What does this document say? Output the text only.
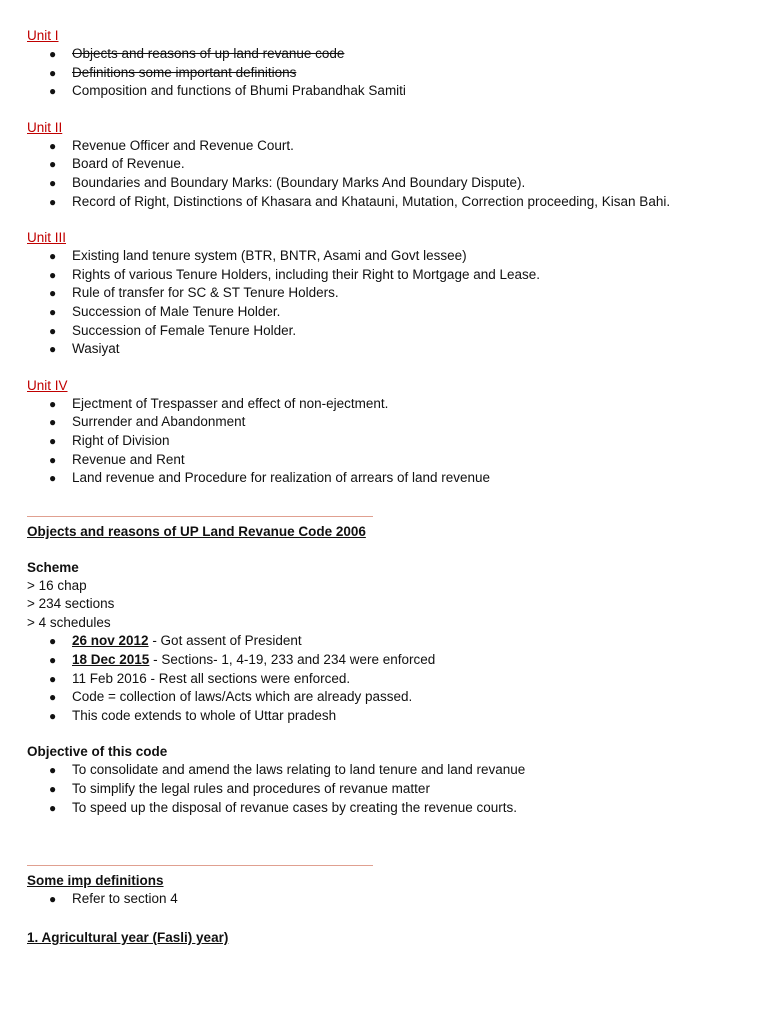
Unit I
● Objects and reasons of up land revanue code
● Definitions some important definitions
● Composition and functions of Bhumi Prabandhak Samiti
Unit II
● Revenue Officer and Revenue Court.
● Board of Revenue.
● Boundaries and Boundary Marks: (Boundary Marks And Boundary Dispute).
● Record of Right, Distinctions of Khasara and Khatauni, Mutation, Correction proceeding, Kisan Bahi.
Unit III
● Existing land tenure system (BTR, BNTR, Asami and Govt lessee)
● Rights of various Tenure Holders, including their Right to Mortgage and Lease.
● Rule of transfer for SC & ST Tenure Holders.
● Succession of Male Tenure Holder.
● Succession of Female Tenure Holder.
● Wasiyat
Unit IV
● Ejectment of Trespasser and effect of non-ejectment.
● Surrender and Abandonment
● Right of Division
● Revenue and Rent
● Land revenue and Procedure for realization of arrears of land revenue
Objects and reasons of UP Land Revanue Code 2006
Scheme
> 16 chap
> 234 sections
> 4 schedules
● 26 nov 2012 - Got assent of President
● 18 Dec 2015 - Sections- 1, 4-19, 233 and 234 were enforced
● 11 Feb 2016 - Rest all sections were enforced.
● Code = collection of laws/Acts which are already passed.
● This code extends to whole of Uttar pradesh
Objective of this code
● To consolidate and amend the laws relating to land tenure and land revanue
● To simplify the legal rules and procedures of revanue matter
● To speed up the disposal of revanue cases by creating the revenue courts.
Some imp definitions
● Refer to section 4
1. Agricultural year (Fasli) year)
